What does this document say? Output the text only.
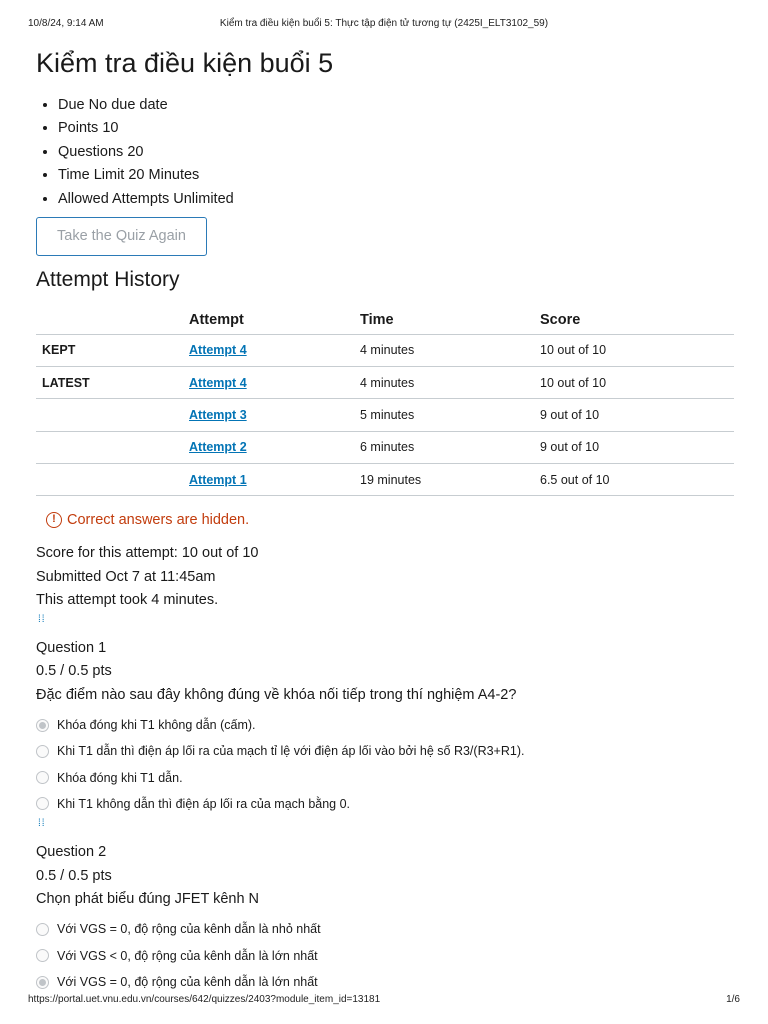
10/8/24, 9:14 AM	Kiểm tra điều kiện buổi 5: Thực tập điện tử tương tự (2425I_ELT3102_59)
Kiểm tra điều kiện buổi 5
• Due No due date
• Points 10
• Questions 20
• Time Limit 20 Minutes
• Allowed Attempts Unlimited
Take the Quiz Again
Attempt History
	Attempt	Time	Score
KEPT	Attempt 4	4 minutes	10 out of 10
LATEST	Attempt 4	4 minutes	10 out of 10
	Attempt 3	5 minutes	9 out of 10
	Attempt 2	6 minutes	9 out of 10
	Attempt 1	19 minutes	6.5 out of 10
! Correct answers are hidden.

Score for this attempt: 10 out of 10

Submitted Oct 7 at 11:45am

This attempt took 4 minutes.

⁞⁞
Question 1
0.5 / 0.5 pts
Đặc điểm nào sau đây không đúng về khóa nối tiếp trong thí nghiệm A4-2?
Khóa đóng khi T1 không dẫn (cấm).
Khi T1 dẫn thì điện áp lối ra của mạch tỉ lệ với điện áp lối vào bởi hệ số R3/(R3+R1).
Khóa đóng khi T1 dẫn.
Khi T1 không dẫn thì điện áp lối ra của mạch bằng 0.
⁞⁞
Question 2
0.5 / 0.5 pts
Chọn phát biểu đúng JFET kênh N
Với VGS = 0, độ rộng của kênh dẫn là nhỏ nhất
Với VGS < 0, độ rộng của kênh dẫn là lớn nhất
Với VGS = 0, độ rộng của kênh dẫn là lớn nhất
https://portal.uet.vnu.edu.vn/courses/642/quizzes/2403?module_item_id=13181	1/6
